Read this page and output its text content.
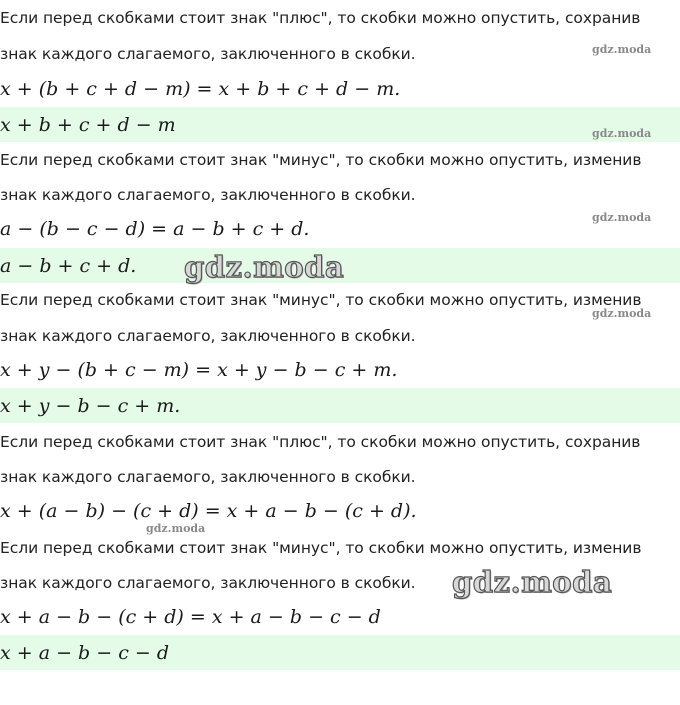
Если перед скобками стоит знак "плюс", то скобки можно опустить, сохранив
знак каждого слагаемого, заключенного в скобки.
x + (b + c + d − m) = x + b + c + d − m.
x + b + c + d − m
Если перед скобками стоит знак "минус", то скобки можно опустить, изменив
знак каждого слагаемого, заключенного в скобки.
a − (b − c − d) = a − b + c + d.
a − b + c + d.
Если перед скобками стоит знак "минус", то скобки можно опустить, изменив
знак каждого слагаемого, заключенного в скобки.
x + y − (b + c − m) = x + y − b − c + m.
x + y − b − c + m.
Если перед скобками стоит знак "плюс", то скобки можно опустить, сохранив
знак каждого слагаемого, заключенного в скобки.
x + (a − b) − (c + d) = x + a − b − (c + d).
Если перед скобками стоит знак "минус", то скобки можно опустить, изменив
знак каждого слагаемого, заключенного в скобки.
x + a − b − (c + d) = x + a − b − c − d
x + a − b − c − d
gdz.moda
gdz.moda
gdz.moda
gdz.moda
gdz.moda
gdz.moda
gdz.moda
